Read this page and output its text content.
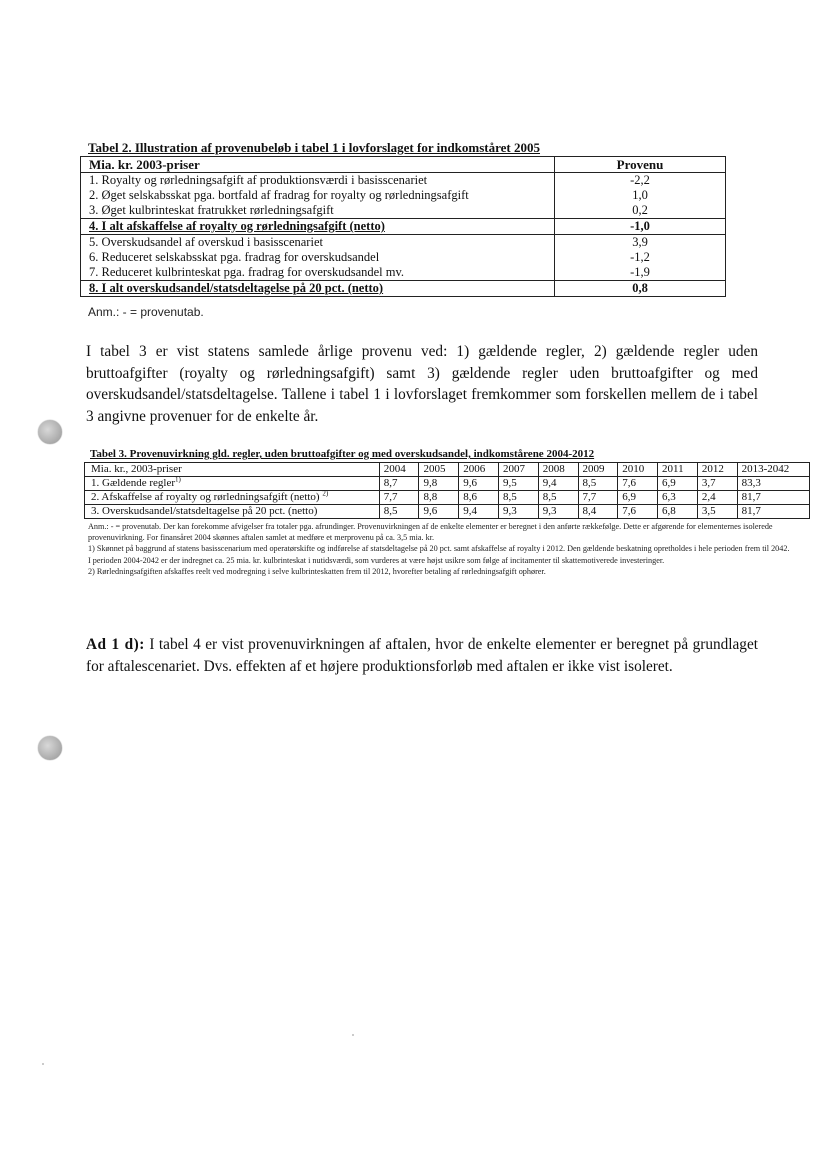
Tabel 2. Illustration af provenubeløb i tabel 1 i lovforslaget for indkomståret 2005
Mia. kr. 2003-priser	Provenu
1. Royalty og rørledningsafgift af produktionsværdi i basisscenariet	-2,2
2. Øget selskabsskat pga. bortfald af fradrag for royalty og rørledningsafgift	1,0
3. Øget kulbrinteskat fratrukket rørledningsafgift	0,2
4. I alt afskaffelse af royalty og rørledningsafgift (netto)	-1,0
5. Overskudsandel af overskud i basisscenariet	3,9
6. Reduceret selskabsskat pga. fradrag for overskudsandel	-1,2
7. Reduceret kulbrinteskat pga. fradrag for overskudsandel mv.	-1,9
8. I alt overskudsandel/statsdeltagelse på 20 pct. (netto)	0,8
Anm.: - = provenutab.
I tabel 3 er vist statens samlede årlige provenu ved: 1) gældende regler, 2) gældende regler uden bruttoafgifter (royalty og rørledningsafgift) samt 3) gældende regler uden bruttoafgifter og med overskudsandel/statsdeltagelse. Tallene i tabel 1 i lovforslaget fremkommer som forskellen mellem de i tabel 3 angivne provenuer for de enkelte år.
Tabel 3. Provenuvirkning gld. regler, uden bruttoafgifter og med overskudsandel, indkomstårene 2004-2012
Mia. kr., 2003-priser	2004	2005	2006	2007	2008	2009	2010	2011	2012	2013-2042
1. Gældende regler$^{1)}$	8,7	9,8	9,6	9,5	9,4	8,5	7,6	6,9	3,7	83,3
2. Afskaffelse af royalty og rørledningsafgift (netto) $^{2)}$	7,7	8,8	8,6	8,5	8,5	7,7	6,9	6,3	2,4	81,7
3. Overskudsandel/statsdeltagelse på 20 pct. (netto)	8,5	9,6	9,4	9,3	9,3	8,4	7,6	6,8	3,5	81,7
Anm.: - = provenutab. Der kan forekomme afvigelser fra totaler pga. afrundinger. Provenuvirkningen af de enkelte elementer er beregnet i den anførte rækkefølge. Dette er afgørende for elementernes isolerede provenuvirkning. For finansåret 2004 skønnes aftalen samlet at medføre et merprovenu på ca. 3,5 mia. kr.
1) Skønnet på baggrund af statens basisscenarium med operatørskifte og indførelse af statsdeltagelse på 20 pct. samt afskaffelse af royalty i 2012. Den gældende beskatning opretholdes i hele perioden frem til 2042. I perioden 2004-2042 er der indregnet ca. 25 mia. kr. kulbrinteskat i nutidsværdi, som vurderes at være højst usikre som følge af incitamenter til skattemotiverede investeringer.
2) Rørledningsafgiften afskaffes reelt ved modregning i selve kulbrinteskatten frem til 2012, hvorefter betaling af rørledningsafgift ophører.
Ad 1 d): I tabel 4 er vist provenuvirkningen af aftalen, hvor de enkelte elementer er beregnet på grundlaget for aftalescenariet. Dvs. effekten af et højere produktionsforløb med aftalen er ikke vist isoleret.
